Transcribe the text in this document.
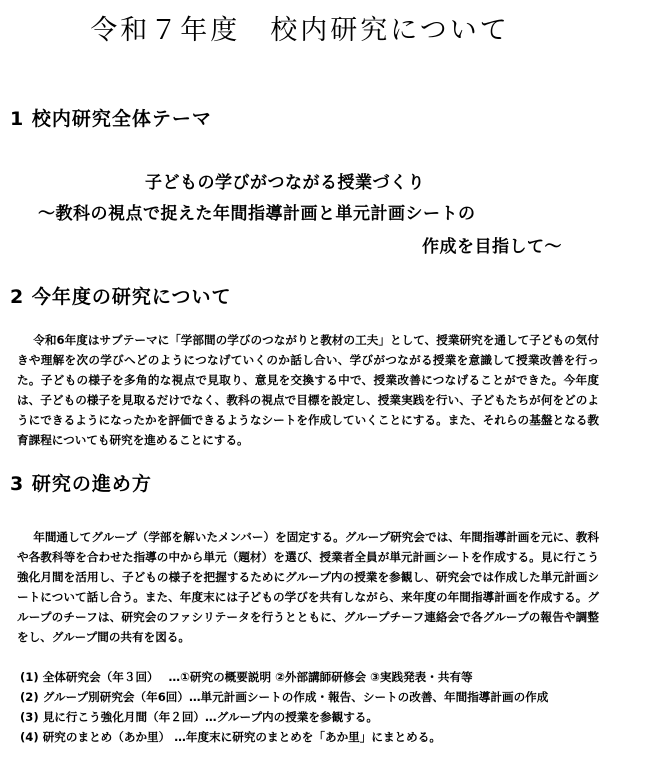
令和７年度　校内研究について
1 校内研究全体テーマ
子どもの学びがつながる授業づくり
～教科の視点で捉えた年間指導計画と単元計画シートの
作成を目指して～
2 今年度の研究について
令和6年度はサブテーマに「学部間の学びのつながりと教材の工夫」として、授業研究を通して子どもの気付きや理解を次の学びへどのようにつなげていくのか話し合い、学びがつながる授業を意識して授業改善を行った。子どもの様子を多角的な視点で見取り、意見を交換する中で、授業改善につなげることができた。今年度は、子どもの様子を見取るだけでなく、教科の視点で目標を設定し、授業実践を行い、子どもたちが何をどのようにできるようになったかを評価できるようなシートを作成していくことにする。また、それらの基盤となる教育課程についても研究を進めることにする。
3 研究の進め方
年間通してグループ（学部を解いたメンバー）を固定する。グループ研究会では、年間指導計画を元に、教科や各教科等を合わせた指導の中から単元（題材）を選び、授業者全員が単元計画シートを作成する。見に行こう強化月間を活用し、子どもの様子を把握するためにグループ内の授業を参観し、研究会では作成した単元計画シートについて話し合う。また、年度末には子どもの学びを共有しながら、来年度の年間指導計画を作成する。グループのチーフは、研究会のファシリテータを行うとともに、グループチーフ連絡会で各グループの報告や調整をし、グループ間の共有を図る。
(1) 全体研究会（年３回）　 …①研究の概要説明 ②外部講師研修会 ③実践発表・共有等
(2) グループ別研究会（年6回）…単元計画シートの作成・報告、シートの改善、年間指導計画の作成
(3) 見に行こう強化月間（年２回）…グループ内の授業を参観する。
(4) 研究のまとめ（あか里） …年度末に研究のまとめを「あか里」にまとめる。
